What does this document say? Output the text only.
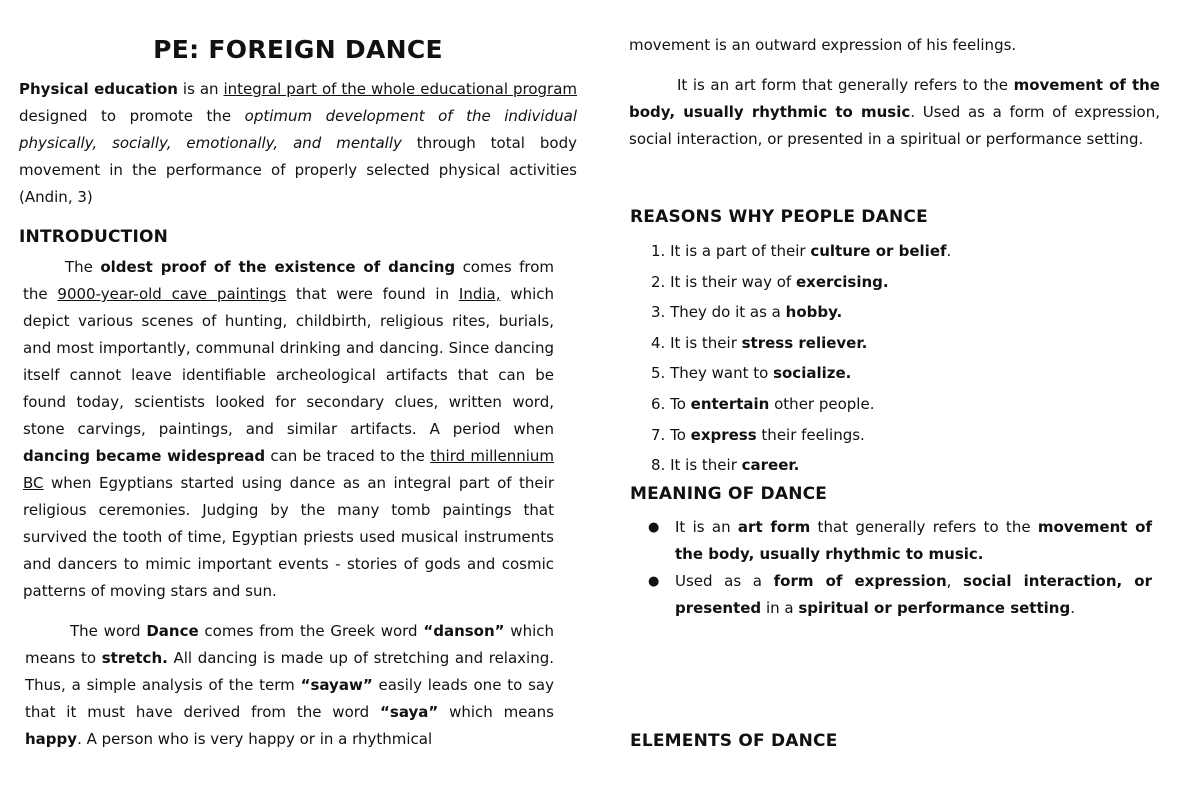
PE: FOREIGN DANCE

Physical education is an integral part of the whole educational program designed to promote the optimum development of the individual physically, socially, emotionally, and mentally through total body movement in the performance of properly selected physical activities (Andin, 3)

INTRODUCTION

The oldest proof of the existence of dancing comes from the 9000-year-old cave paintings that were found in India, which depict various scenes of hunting, childbirth, religious rites, burials, and most importantly, communal drinking and dancing. Since dancing itself cannot leave identifiable archeological artifacts that can be found today, scientists looked for secondary clues, written word, stone carvings, paintings, and similar artifacts. A period when dancing became widespread can be traced to the third millennium BC when Egyptians started using dance as an integral part of their religious ceremonies. Judging by the many tomb paintings that survived the tooth of time, Egyptian priests used musical instruments and dancers to mimic important events - stories of gods and cosmic patterns of moving stars and sun.

The word Dance comes from the Greek word “danson” which means to stretch. All dancing is made up of stretching and relaxing. Thus, a simple analysis of the term “sayaw” easily leads one to say that it must have derived from the word “saya” which means happy. A person who is very happy or in a rhythmical

movement is an outward expression of his feelings.

It is an art form that generally refers to the movement of the body, usually rhythmic to music. Used as a form of expression, social interaction, or presented in a spiritual or performance setting.

REASONS WHY PEOPLE DANCE
1. It is a part of their culture or belief.
2. It is their way of exercising.
3. They do it as a hobby.
4. It is their stress reliever.
5. They want to socialize.
6. To entertain other people.
7. To express their feelings.
8. It is their career.
MEANING OF DANCE
● It is an art form that generally refers to the movement of the body, usually rhythmic to music.
● Used as a form of expression, social interaction, or presented in a spiritual or performance setting.
ELEMENTS OF DANCE
